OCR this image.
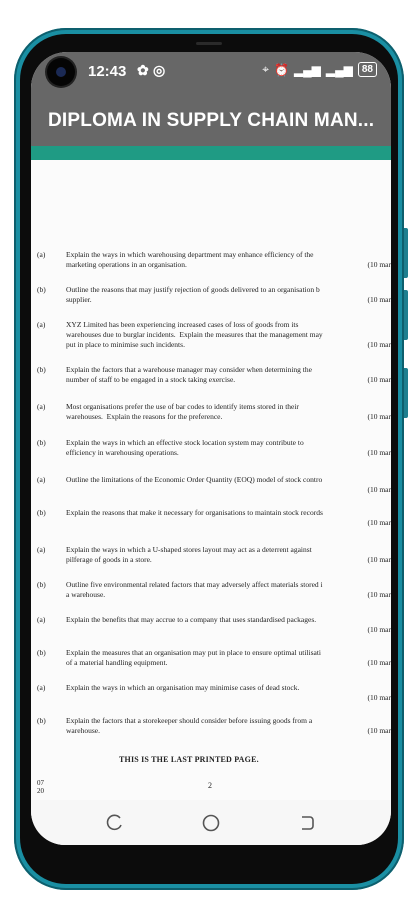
12:43 ✿ ◎	⌖ ⏰ ▂▄▆ ▂▄▆ 88
DIPLOMA IN SUPPLY CHAIN MAN...
(a)	Explain the ways in which warehousing department may enhance efficiency of the
marketing operations in an organisation.	(10 mar
(b)	Outline the reasons that may justify rejection of goods delivered to an organisation b
supplier.	(10 mar
(a)	XYZ Limited has been experiencing increased cases of loss of goods from its
warehouses due to burglar incidents.  Explain the measures that the management may
put in place to minimise such incidents.	(10 mar
(b)	Explain the factors that a warehouse manager may consider when determining the
number of staff to be engaged in a stock taking exercise.	(10 mar
(a)	Most organisations prefer the use of bar codes to identify items stored in their
warehouses.  Explain the reasons for the preference.	(10 mar
(b)	Explain the ways in which an effective stock location system may contribute to
efficiency in warehousing operations.	(10 mar
(a)	Outline the limitations of the Economic Order Quantity (EOQ) model of stock contro
(10 mar
(b)	Explain the reasons that make it necessary for organisations to maintain stock records
(10 mar
(a)	Explain the ways in which a U-shaped stores layout may act as a deterrent against
pilferage of goods in a store.	(10 mar
(b)	Outline five environmental related factors that may adversely affect materials stored i
a warehouse.	(10 mar
(a)	Explain the benefits that may accrue to a company that uses standardised packages.
(10 mar
(b)	Explain the measures that an organisation may put in place to ensure optimal utilisati
of a material handling equipment.	(10 mar
(a)	Explain the ways in which an organisation may minimise cases of dead stock.
(10 mar
(b)	Explain the factors that a storekeeper should consider before issuing goods from a
warehouse.	(10 mar
THIS IS THE LAST PRINTED PAGE.
07
20
2
